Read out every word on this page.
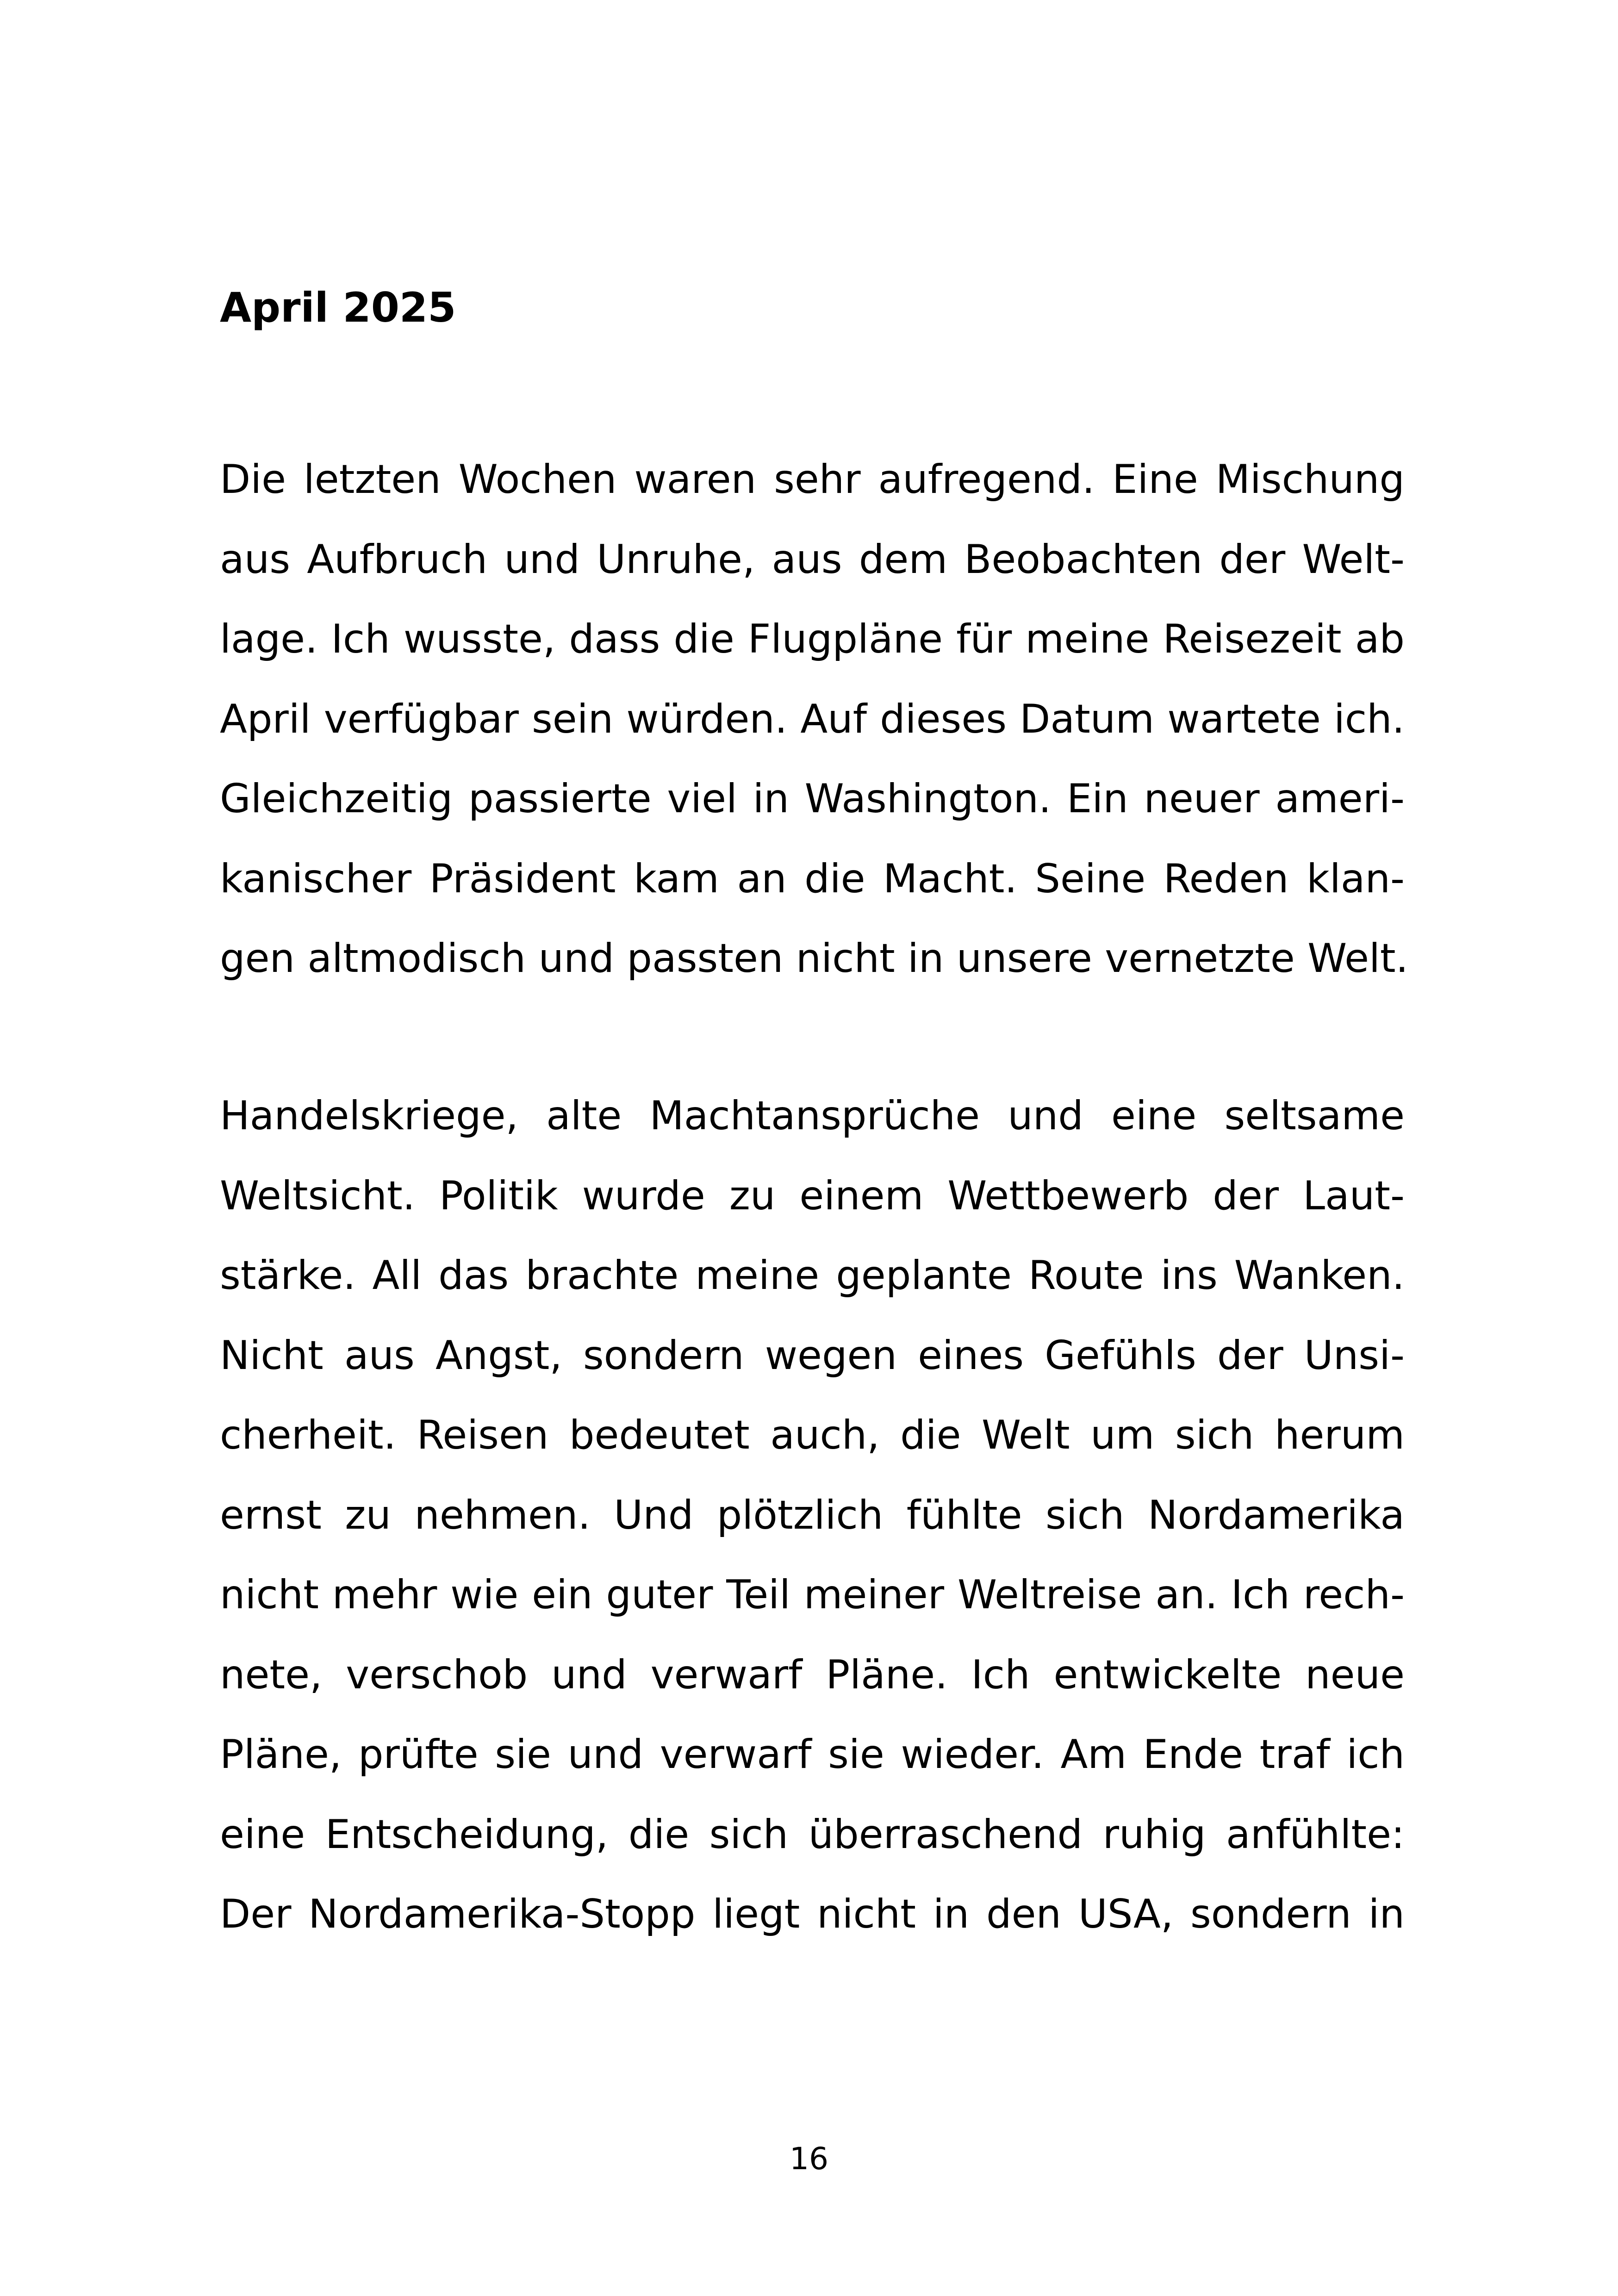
April 2025
Die letzten Wochen waren sehr aufregend. Eine Mischung
aus Aufbruch und Unruhe, aus dem Beobachten der Welt-
lage. Ich wusste, dass die Flugpläne für meine Reisezeit ab
April verfügbar sein würden. Auf dieses Datum wartete ich.
Gleichzeitig passierte viel in Washington. Ein neuer ameri-
kanischer Präsident kam an die Macht. Seine Reden klan-
gen altmodisch und passten nicht in unsere vernetzte Welt.
Handelskriege, alte Machtansprüche und eine seltsame
Weltsicht. Politik wurde zu einem Wettbewerb der Laut-
stärke. All das brachte meine geplante Route ins Wanken.
Nicht aus Angst, sondern wegen eines Gefühls der Unsi-
cherheit. Reisen bedeutet auch, die Welt um sich herum
ernst zu nehmen. Und plötzlich fühlte sich Nordamerika
nicht mehr wie ein guter Teil meiner Weltreise an. Ich rech-
nete, verschob und verwarf Pläne. Ich entwickelte neue
Pläne, prüfte sie und verwarf sie wieder. Am Ende traf ich
eine Entscheidung, die sich überraschend ruhig anfühlte:
Der Nordamerika-Stopp liegt nicht in den USA, sondern in

16
